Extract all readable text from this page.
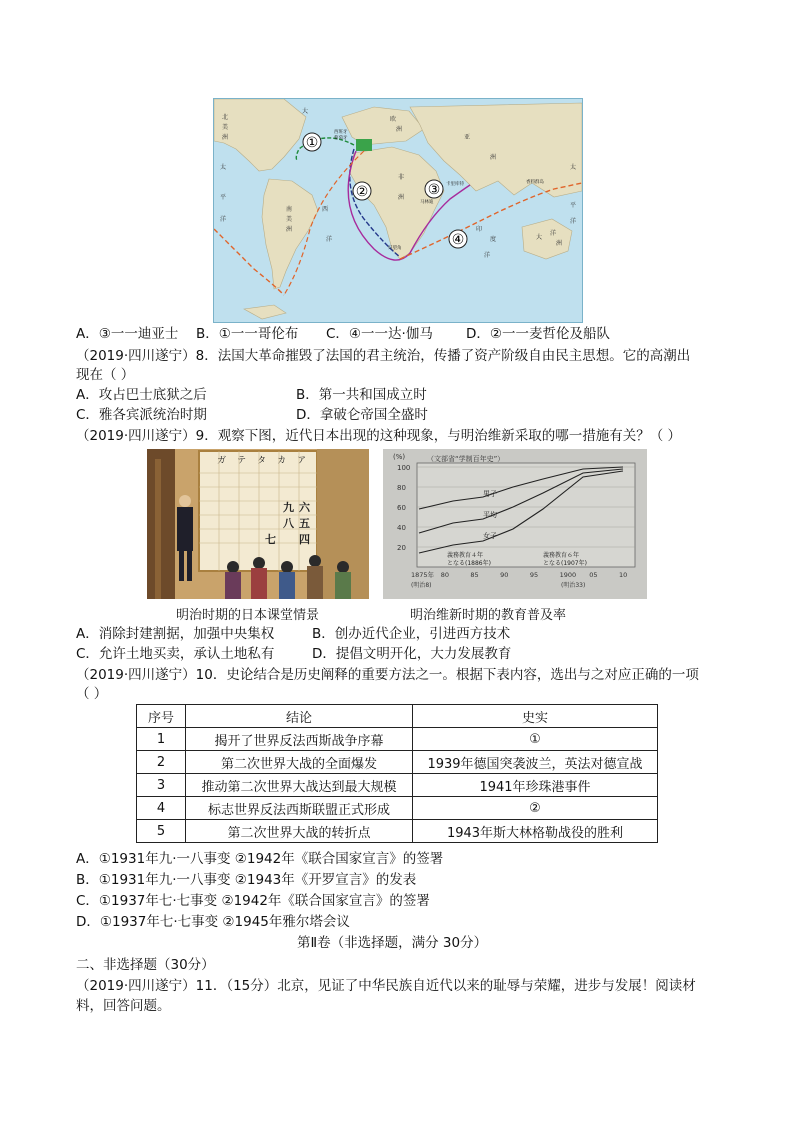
①
②	③
④
北
美
洲
南
美
洲
太
平
洋
大
西
洋
非
洲
印
度
洋
亚
洲
欧
洲
大
洋
洲
太
平
洋
马林迪
好望角
西班牙
葡萄牙
卡里库特	香料群岛
A．③一一迪亚士 B．①一一哥伦布 C．④一一达·伽马 D．②一一麦哲伦及船队
（2019·四川遂宁）8．法国大革命摧毁了法国的君主统治，传播了资产阶级自由民主思想。它的高潮出
现在（ ）
A．攻占巴士底狱之后	B．第一共和国成立时
C．雅各宾派统治时期	D．拿破仑帝国全盛时
（2019·四川遂宁）9．观察下图，近代日本出现的这种现象，与明治维新采取的哪一措施有关？（ ）
ガ テ タ カ ア
九
八
七
六
五
四
(%)	（文部省“学制百年史”）
100
80
60
40
20
1875年 80	85	90	95	1900 05	10
(明治8)	(明治33)
男子
平均
女子
義務教育４年
となる(1886年)
義務教育６年
となる(1907年)
明治时期的日本课堂情景	明治维新时期的教育普及率
A．消除封建割据，加强中央集权	B．创办近代企业，引进西方技术
C．允许土地买卖，承认土地私有	D．提倡文明开化，大力发展教育
（2019·四川遂宁）10．史论结合是历史阐释的重要方法之一。根据下表内容，选出与之对应正确的一项
（ ）
序号	结论	史实
1	揭开了世界反法西斯战争序幕	①
2	第二次世界大战的全面爆发	1939年德国突袭波兰，英法对德宣战
3	推动第二次世界大战达到最大规模	1941年珍珠港事件
4	标志世界反法西斯联盟正式形成	②
5	第二次世界大战的转折点	1943年斯大林格勒战役的胜利
A．①1931年九·一八事变 ②1942年《联合国家宣言》的签署
B．①1931年九·一八事变 ②1943年《开罗宣言》的发表
C．①1937年七·七事变 ②1942年《联合国家宣言》的签署
D．①1937年七·七事变 ②1945年雅尔塔会议
第Ⅱ卷（非选择题，满分 30分）
二、非选择题（30分）
（2019·四川遂宁）11．（15分）北京，见证了中华民族自近代以来的耻辱与荣耀，进步与发展！阅读材
料，回答问题。
